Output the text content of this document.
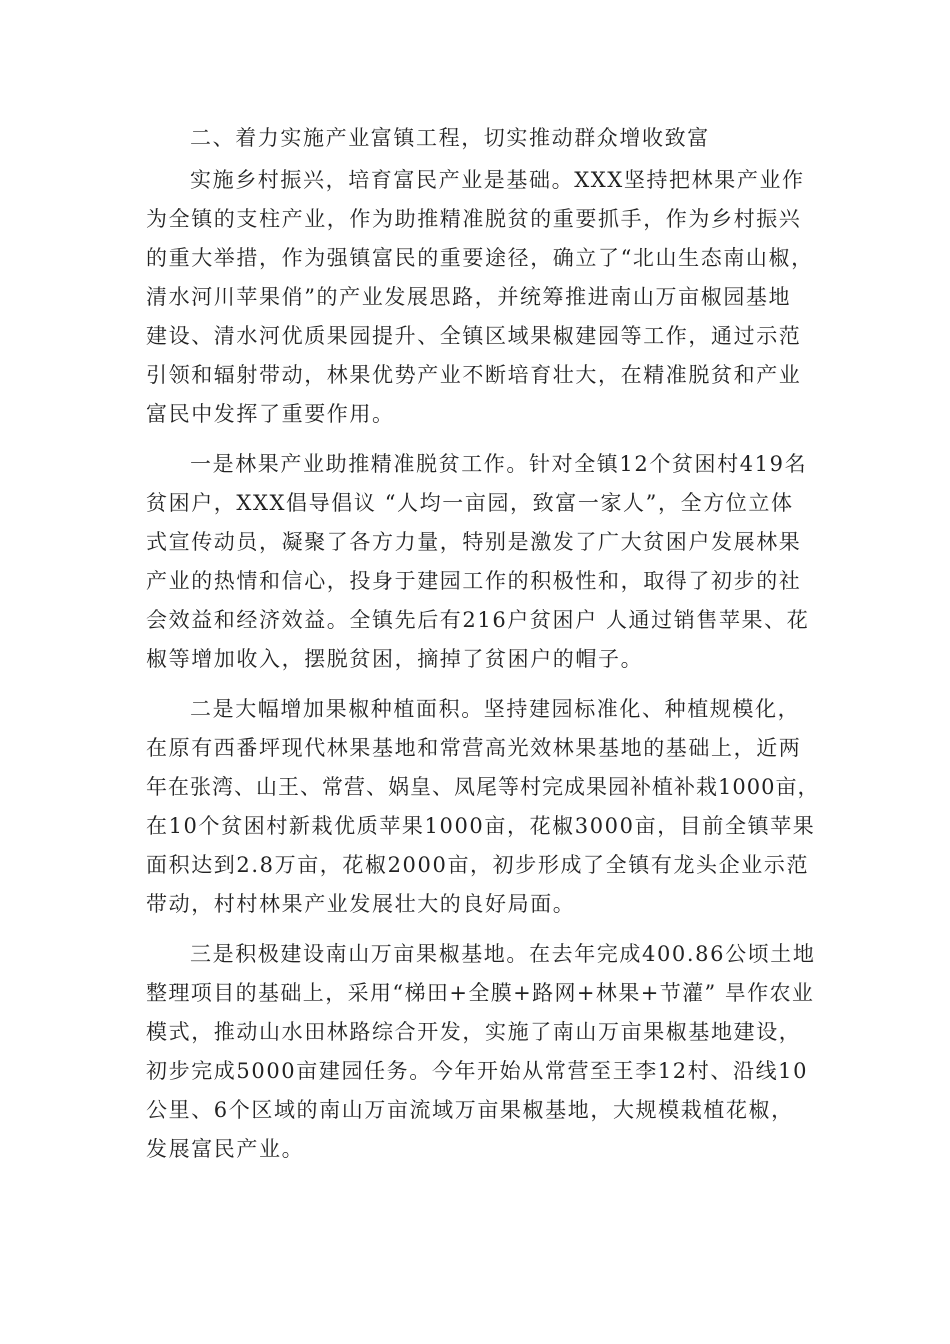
二、着力实施产业富镇工程，切实推动群众增收致富

实施乡村振兴，培育富民产业是基础。XXX坚持把林果产业作

为全镇的支柱产业，作为助推精准脱贫的重要抓手，作为乡村振兴

的重大举措，作为强镇富民的重要途径，确立了“北山生态南山椒，

清水河川苹果俏”的产业发展思路，并统筹推进南山万亩椒园基地

建设、清水河优质果园提升、全镇区域果椒建园等工作，通过示范

引领和辐射带动，林果优势产业不断培育壮大，在精准脱贫和产业

富民中发挥了重要作用。

一是林果产业助推精准脱贫工作。针对全镇12个贫困村419名

贫困户，XXX倡导倡议 “人均一亩园，致富一家人”，全方位立体

式宣传动员，凝聚了各方力量，特别是激发了广大贫困户发展林果

产业的热情和信心，投身于建园工作的积极性和，取得了初步的社

会效益和经济效益。全镇先后有216户贫困户 人通过销售苹果、花

椒等增加收入，摆脱贫困，摘掉了贫困户的帽子。

二是大幅增加果椒种植面积。坚持建园标准化、种植规模化，

在原有西番坪现代林果基地和常营高光效林果基地的基础上，近两

年在张湾、山王、常营、娲皇、凤尾等村完成果园补植补栽1000亩，

在10个贫困村新栽优质苹果1000亩，花椒3000亩，目前全镇苹果

面积达到2.8万亩，花椒2000亩，初步形成了全镇有龙头企业示范

带动，村村林果产业发展壮大的良好局面。

三是积极建设南山万亩果椒基地。在去年完成400.86公顷土地

整理项目的基础上，采用“梯田+全膜+路网+林果+节灌” 旱作农业

模式，推动山水田林路综合开发，实施了南山万亩果椒基地建设，

初步完成5000亩建园任务。今年开始从常营至王李12村、沿线10

公里、6个区域的南山万亩流域万亩果椒基地，大规模栽植花椒，

发展富民产业。
